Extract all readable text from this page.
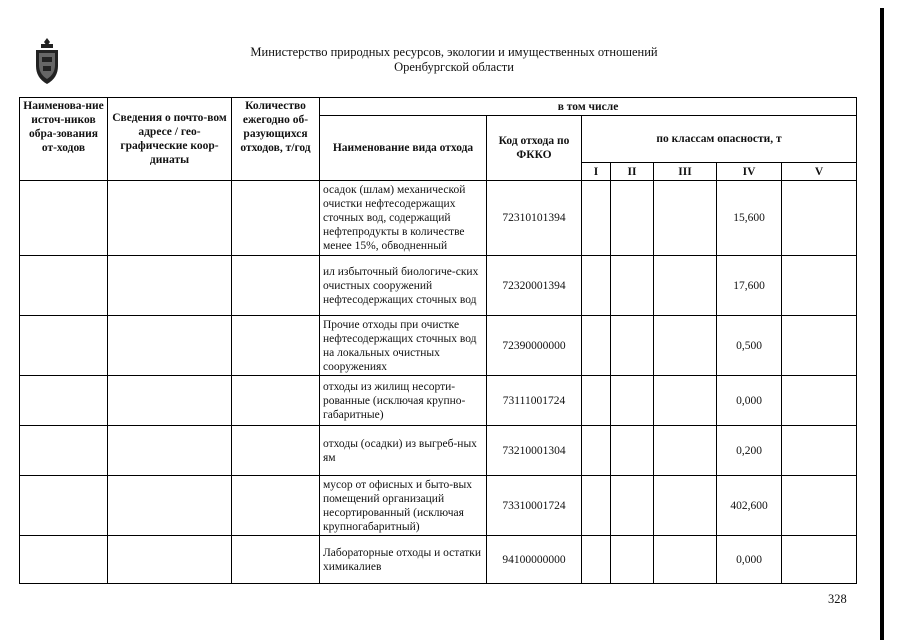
Министерство природных ресурсов, экологии и имущественных отношений
Оренбургской области
Наименова-ние источ-ников обра-зования от-ходов	Сведения о почто-вом адресе / гео-графические коор-динаты	Количество ежегодно об-разующихся отходов, т/год	в том числе						
			Наименование вида отхода	Код отхода по ФККО	по классам опасности, т				
					I	II	III	IV	V
			осадок (шлам) механической очистки нефтесодержащих сточных вод, содержащий нефтепродукты в количестве менее 15%, обводненный	72310101394				15,600	
			ил избыточный биологиче-ских очистных сооружений нефтесодержащих сточных вод	72320001394				17,600	
			Прочие отходы при очистке нефтесодержащих сточных вод на локальных очистных сооружениях	72390000000				0,500	
			отходы из жилищ несорти-рованные (исключая крупно-габаритные)	73111001724				0,000	
			отходы (осадки) из выгреб-ных ям	73210001304				0,200	
			мусор от офисных и быто-вых помещений организаций несортированный (исключая крупногабаритный)	73310001724				402,600	
			Лабораторные отходы и остатки химикалиев	94100000000				0,000	
328
